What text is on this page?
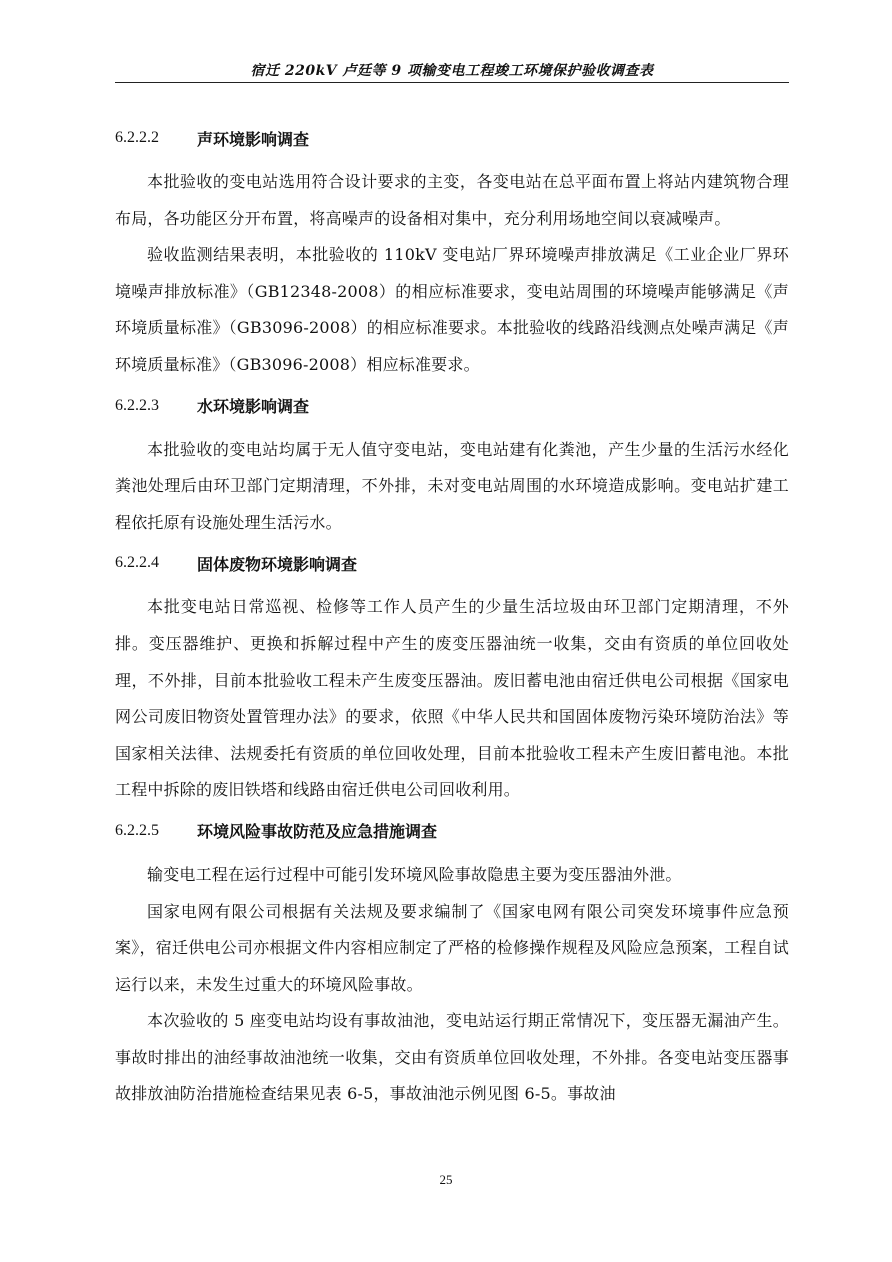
宿迁 220kV 卢廷等 9 项输变电工程竣工环境保护验收调查表
6.2.2.2	声环境影响调查

本批验收的变电站选用符合设计要求的主变，各变电站在总平面布置上将站内建筑物合理布局，各功能区分开布置，将高噪声的设备相对集中，充分利用场地空间以衰减噪声。

验收监测结果表明，本批验收的 110kV 变电站厂界环境噪声排放满足《工业企业厂界环境噪声排放标准》（GB12348-2008）的相应标准要求，变电站周围的环境噪声能够满足《声环境质量标准》（GB3096-2008）的相应标准要求。本批验收的线路沿线测点处噪声满足《声环境质量标准》（GB3096-2008）相应标准要求。

6.2.2.3	水环境影响调查

本批验收的变电站均属于无人值守变电站，变电站建有化粪池，产生少量的生活污水经化粪池处理后由环卫部门定期清理，不外排，未对变电站周围的水环境造成影响。变电站扩建工程依托原有设施处理生活污水。

6.2.2.4	固体废物环境影响调查

本批变电站日常巡视、检修等工作人员产生的少量生活垃圾由环卫部门定期清理，不外排。变压器维护、更换和拆解过程中产生的废变压器油统一收集，交由有资质的单位回收处理，不外排，目前本批验收工程未产生废变压器油。废旧蓄电池由宿迁供电公司根据《国家电网公司废旧物资处置管理办法》的要求，依照《中华人民共和国固体废物污染环境防治法》等国家相关法律、法规委托有资质的单位回收处理，目前本批验收工程未产生废旧蓄电池。本批工程中拆除的废旧铁塔和线路由宿迁供电公司回收利用。

6.2.2.5	环境风险事故防范及应急措施调查

输变电工程在运行过程中可能引发环境风险事故隐患主要为变压器油外泄。

国家电网有限公司根据有关法规及要求编制了《国家电网有限公司突发环境事件应急预案》，宿迁供电公司亦根据文件内容相应制定了严格的检修操作规程及风险应急预案，工程自试运行以来，未发生过重大的环境风险事故。

本次验收的 5 座变电站均设有事故油池，变电站运行期正常情况下，变压器无漏油产生。事故时排出的油经事故油池统一收集，交由有资质单位回收处理，不外排。各变电站变压器事故排放油防治措施检查结果见表 6-5，事故油池示例见图 6-5。事故油

25
